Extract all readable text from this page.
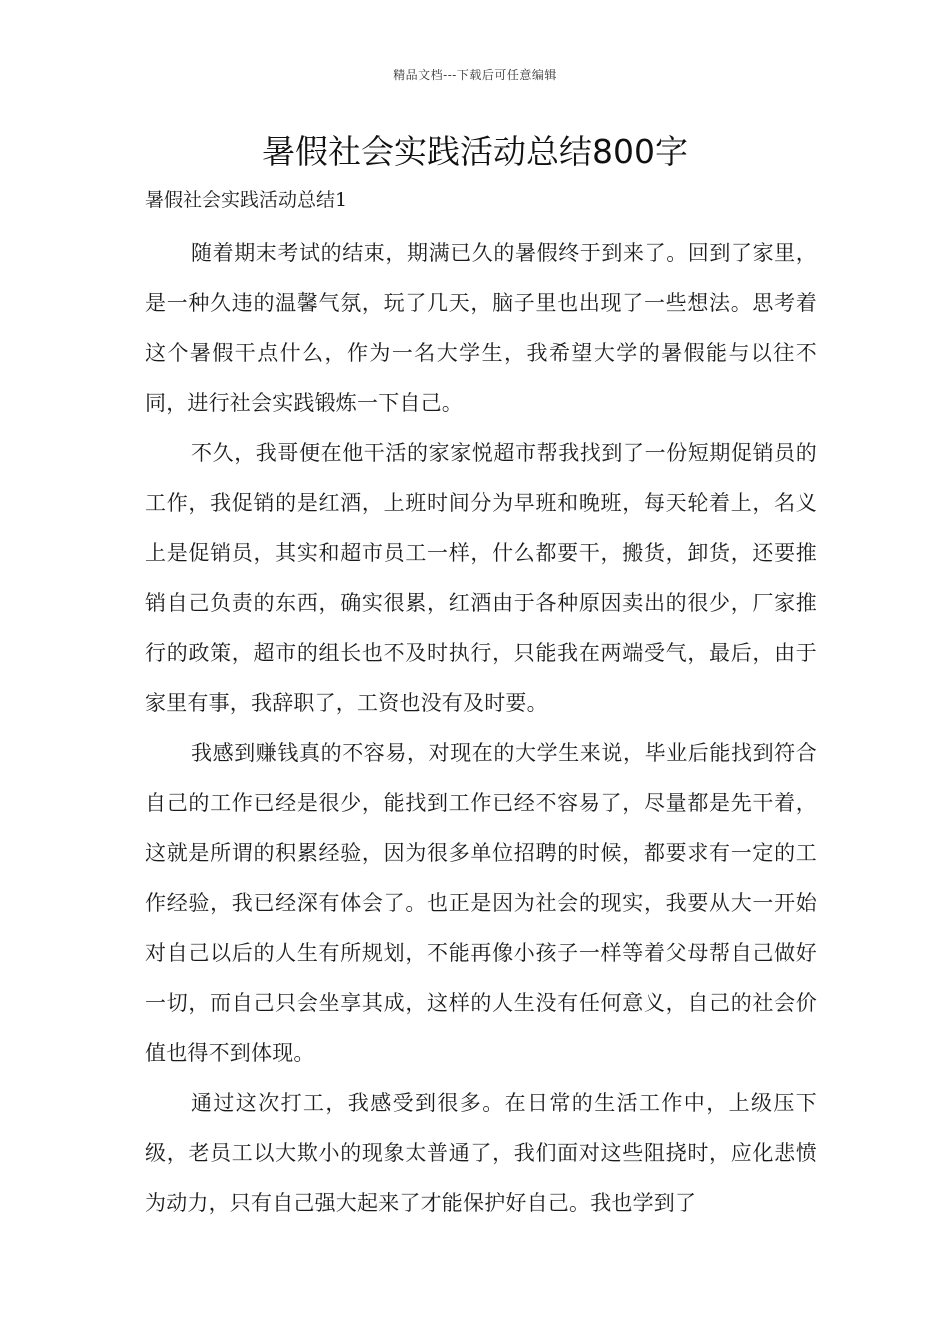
精品文档---下载后可任意编辑
暑假社会实践活动总结800字
暑假社会实践活动总结1

随着期末考试的结束，期满已久的暑假终于到来了。回到了家里，是一种久违的温馨气氛，玩了几天，脑子里也出现了一些想法。思考着这个暑假干点什么，作为一名大学生，我希望大学的暑假能与以往不同，进行社会实践锻炼一下自己。

不久，我哥便在他干活的家家悦超市帮我找到了一份短期促销员的工作，我促销的是红酒，上班时间分为早班和晚班，每天轮着上，名义上是促销员，其实和超市员工一样，什么都要干，搬货，卸货，还要推销自己负责的东西，确实很累，红酒由于各种原因卖出的很少，厂家推行的政策，超市的组长也不及时执行，只能我在两端受气，最后，由于家里有事，我辞职了，工资也没有及时要。

我感到赚钱真的不容易，对现在的大学生来说，毕业后能找到符合自己的工作已经是很少，能找到工作已经不容易了，尽量都是先干着，这就是所谓的积累经验，因为很多单位招聘的时候，都要求有一定的工作经验，我已经深有体会了。也正是因为社会的现实，我要从大一开始对自己以后的人生有所规划，不能再像小孩子一样等着父母帮自己做好一切，而自己只会坐享其成，这样的人生没有任何意义，自己的社会价值也得不到体现。

通过这次打工，我感受到很多。在日常的生活工作中，上级压下级，老员工以大欺小的现象太普通了，我们面对这些阻挠时，应化悲愤为动力，只有自己强大起来了才能保护好自己。我也学到了
